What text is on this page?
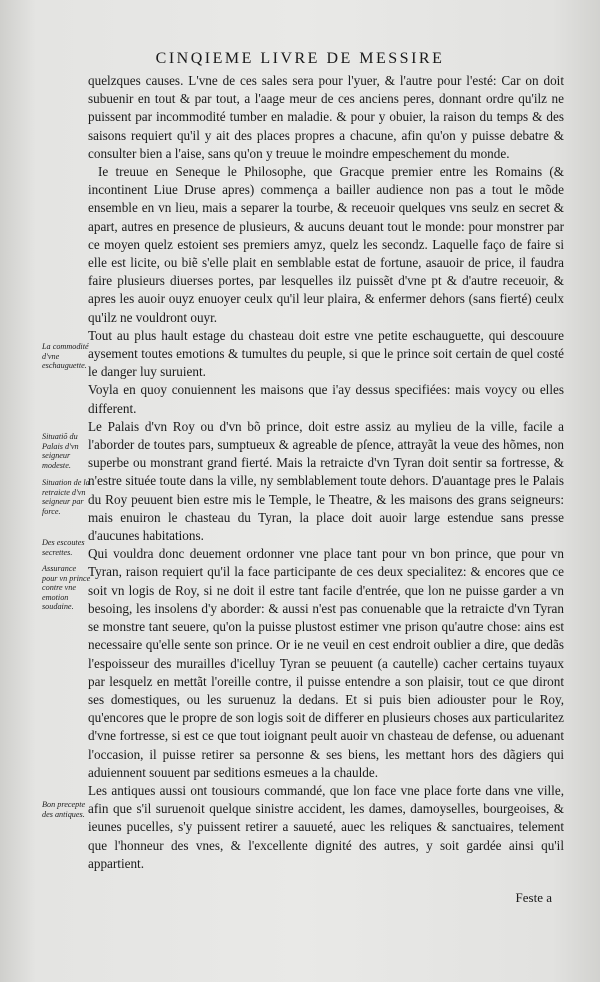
CINQIEME LIVRE DE MESSIRE

quelzques causes. L'vne de ces sales sera pour l'yuer, & l'autre pour l'esté: Car on doit subuenir en tout & par tout, a l'aage meur de ces anciens peres, donnant ordre qu'ilz ne puissent par incommodité tumber en maladie. & pour y obuier, la raison du temps & des saisons requiert qu'il y ait des places propres a chacune, afin qu'on y puisse debatre & consulter bien a l'aise, sans qu'on y treuue le moindre empeschement du monde.

Ie treuue en Seneque le Philosophe, que Gracque premier entre les Romains (& incontinent Liue Druse apres) commença a bailler audience non pas a tout le mõde ensemble en vn lieu, mais a separer la tourbe, & receuoir quelques vns seulz en secret & apart, autres en presence de plusieurs, & aucuns deuant tout le monde: pour monstrer par ce moyen quelz estoient ses premiers amyz, quelz les secondz. Laquelle faço de faire si elle est licite, ou biẽ s'elle plait en semblable estat de fortune, asauoir de price, il faudra faire plusieurs diuerses portes, par lesquelles ilz puissẽt d'vne pt & d'autre receuoir, & apres les auoir ouyz enuoyer ceulx qu'il leur plaira, & enfermer dehors (sans fierté) ceulx qu'ilz ne vouldront ouyr.

Tout au plus hault estage du chasteau doit estre vne petite eschauguette, qui descouure aysement toutes emotions & tumultes du peuple, si que le prince soit certain de quel costé le danger luy suruient.

Voyla en quoy conuiennent les maisons que i'ay dessus specifiées: mais voycy ou elles different.

Le Palais d'vn Roy ou d'vn bõ prince, doit estre assiz au mylieu de la ville, facile a l'aborder de toutes pars, sumptueux & agreable de pſence, attrayãt la veue des hõmes, non superbe ou monstrant grand fierté. Mais la retraicte d'vn Tyran doit sentir sa fortresse, & n'estre située toute dans la ville, ny semblablement toute dehors. D'auantage pres le Palais du Roy peuuent bien estre mis le Temple, le Theatre, & les maisons des grans seigneurs: mais enuiron le chasteau du Tyran, la place doit auoir large estendue sans presse d'aucunes habitations.

Qui vouldra donc deuement ordonner vne place tant pour vn bon prince, que pour vn Tyran, raison requiert qu'il la face participante de ces deux specialitez: & encores que ce soit vn logis de Roy, si ne doit il estre tant facile d'entrée, que lon ne puisse garder a vn besoing, les insolens d'y aborder: & aussi n'est pas conuenable que la retraicte d'vn Tyran se monstre tant seuere, qu'on la puisse plustost estimer vne prison qu'autre chose: ains est necessaire qu'elle sente son prince. Or ie ne veuil en cest endroit oublier a dire, que dedãs l'espoisseur des murailles d'icelluy Tyran se peuuent (a cautelle) cacher certains tuyaux par lesquelz en mettãt l'oreille contre, il puisse entendre a son plaisir, tout ce que diront ses domestiques, ou les suruenuz la dedans. Et si puis bien adiouster pour le Roy, qu'encores que le propre de son logis soit de differer en plusieurs choses aux particularitez d'vne fortresse, si est ce que tout ioignant peult auoir vn chasteau de defense, ou aduenant l'occasion, il puisse retirer sa personne & ses biens, les mettant hors des dãgiers qui aduiennent souuent par seditions esmeues a la chaulde.

Les antiques aussi ont tousiours commandé, que lon face vne place forte dans vne ville, afin que s'il suruenoit quelque sinistre accident, les dames, damoyselles, bourgeoises, & ieunes pucelles, s'y puissent retirer a sauueté, auec les reliques & sanctuaires, telement que l'honneur des vnes, & l'excellente dignité des autres, y soit gardée ainsi qu'il appartient.

La commodité d'vne eschauguette.
Situatiõ du Palais d'vn seigneur modeste.
Situation de la retraicte d'vn seigneur par force.
Des escoutes secrettes.
Assurance pour vn prince contre vne emotion soudaine.
Bon precepte des antiques.
Feste a
